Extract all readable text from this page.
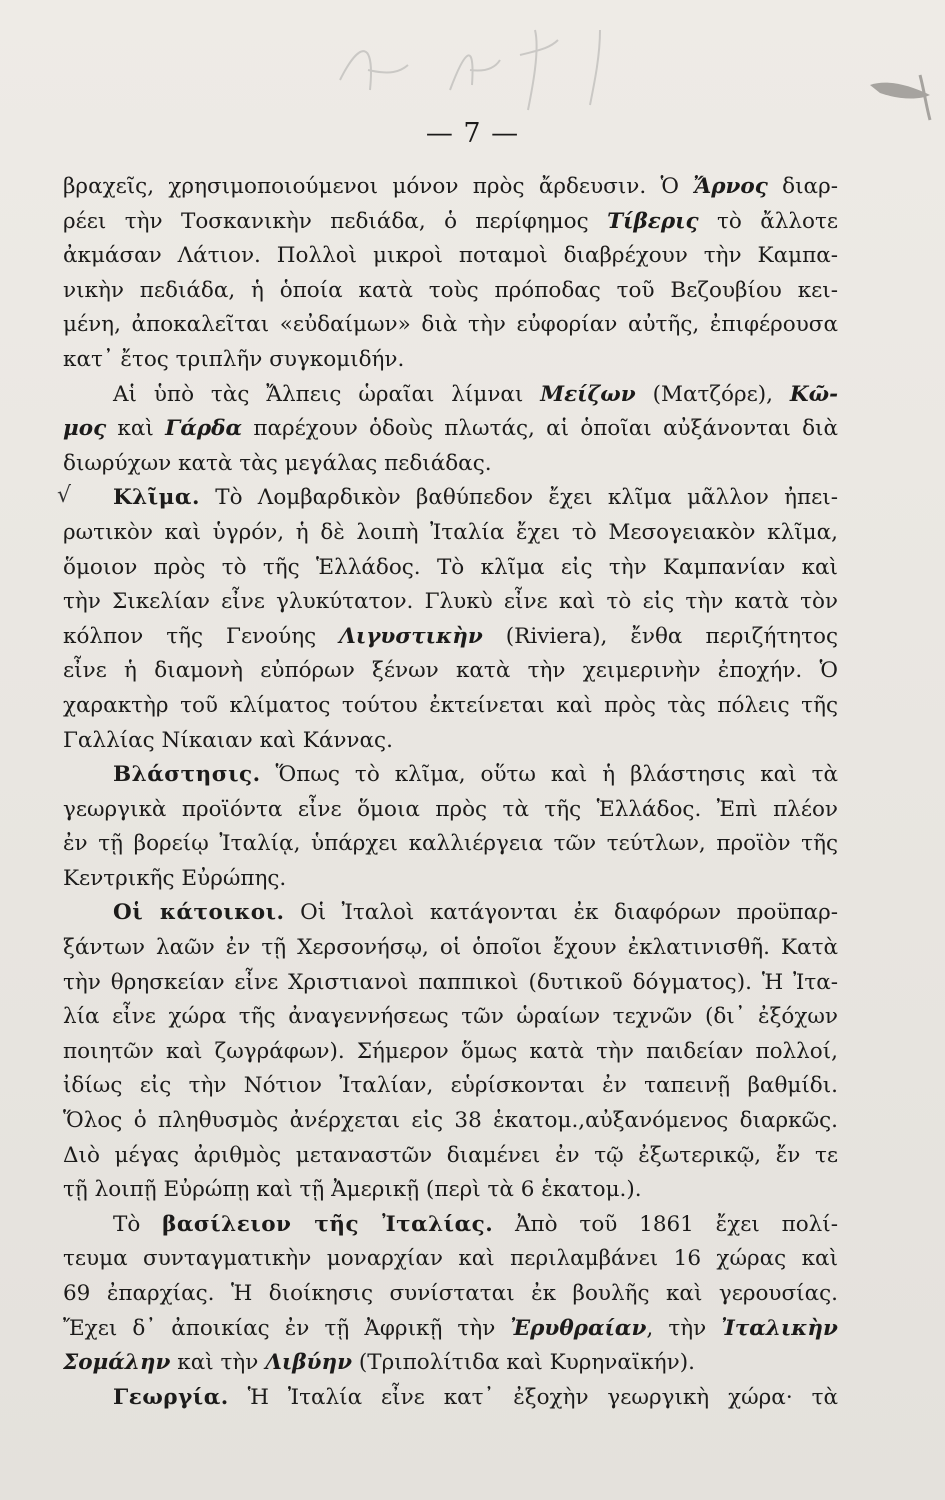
— 7 —
√
βραχεῖς, χρησιμοποιούμενοι μόνον πρὸς ἄρδευσιν. Ὁ Ἄρνος διαρ-
ρέει τὴν Τοσκανικὴν πεδιάδα, ὁ περίφημος Τίβερις τὸ ἄλλοτε
ἀκμάσαν Λάτιον. Πολλοὶ μικροὶ ποταμοὶ διαβρέχουν τὴν Καμπα-
νικὴν πεδιάδα, ἡ ὁποία κατὰ τοὺς πρόποδας τοῦ Βεζουβίου κει-
μένη, ἀποκαλεῖται «εὐδαίμων» διὰ τὴν εὐφορίαν αὐτῆς, ἐπιφέρουσα
κατ᾽ ἔτος τριπλῆν συγκομιδήν.
Αἱ ὑπὸ τὰς Ἄλπεις ὡραῖαι λίμναι Μείζων (Ματζόρε), Κῶ-
μος καὶ Γάρδα παρέχουν ὁδοὺς πλωτάς, αἱ ὁποῖαι αὐξάνονται διὰ
διωρύχων κατὰ τὰς μεγάλας πεδιάδας.
Κλῖμα. Τὸ Λομβαρδικὸν βαθύπεδον ἔχει κλῖμα μᾶλλον ἠπει-
ρωτικὸν καὶ ὑγρόν, ἡ δὲ λοιπὴ Ἰταλία ἔχει τὸ Μεσογειακὸν κλῖμα,
ὅμοιον πρὸς τὸ τῆς Ἑλλάδος. Τὸ κλῖμα εἰς τὴν Καμπανίαν καὶ
τὴν Σικελίαν εἶνε γλυκύτατον. Γλυκὺ εἶνε καὶ τὸ εἰς τὴν κατὰ τὸν
κόλπον τῆς Γενούης Λιγυστικὴν (Riviera), ἔνθα περιζήτητος
εἶνε ἡ διαμονὴ εὐπόρων ξένων κατὰ τὴν χειμερινὴν ἐποχήν. Ὁ
χαρακτὴρ τοῦ κλίματος τούτου ἐκτείνεται καὶ πρὸς τὰς πόλεις τῆς
Γαλλίας Νίκαιαν καὶ Κάννας.
Βλάστησις. Ὅπως τὸ κλῖμα, οὕτω καὶ ἡ βλάστησις καὶ τὰ
γεωργικὰ προϊόντα εἶνε ὅμοια πρὸς τὰ τῆς Ἑλλάδος. Ἐπὶ πλέον
ἐν τῇ βορείῳ Ἰταλίᾳ, ὑπάρχει καλλιέργεια τῶν τεύτλων, προϊὸν τῆς
Κεντρικῆς Εὐρώπης.
Οἱ κάτοικοι. Οἱ Ἰταλοὶ κατάγονται ἐκ διαφόρων προϋπαρ-
ξάντων λαῶν ἐν τῇ Χερσονήσῳ, οἱ ὁποῖοι ἔχουν ἐκλατινισθῆ. Κατὰ
τὴν θρησκείαν εἶνε Χριστιανοὶ παππικοὶ (δυτικοῦ δόγματος). Ἡ Ἰτα-
λία εἶνε χώρα τῆς ἀναγεννήσεως τῶν ὡραίων τεχνῶν (δι᾽ ἐξόχων
ποιητῶν καὶ ζωγράφων). Σήμερον ὅμως κατὰ τὴν παιδείαν πολλοί,
ἰδίως εἰς τὴν Νότιον Ἰταλίαν, εὑρίσκονται ἐν ταπεινῇ βαθμίδι.
Ὅλος ὁ πληθυσμὸς ἀνέρχεται εἰς 38 ἑκατομ.,αὐξανόμενος διαρκῶς.
Διὸ μέγας ἀριθμὸς μεταναστῶν διαμένει ἐν τῷ ἐξωτερικῷ, ἔν τε
τῇ λοιπῇ Εὐρώπῃ καὶ τῇ Ἀμερικῇ (περὶ τὰ 6 ἑκατομ.).
Τὸ βασίλειον τῆς Ἰταλίας. Ἀπὸ τοῦ 1861 ἔχει πολί-
τευμα συνταγματικὴν μοναρχίαν καὶ περιλαμβάνει 16 χώρας καὶ
69 ἐπαρχίας. Ἡ διοίκησις συνίσταται ἐκ βουλῆς καὶ γερουσίας.
Ἔχει δ᾽ ἀποικίας ἐν τῇ Ἀφρικῇ τὴν Ἐρυθραίαν, τὴν Ἰταλικὴν
Σομάλην καὶ τὴν Λιβύην (Τριπολίτιδα καὶ Κυρηναϊκήν).
Γεωργία. Ἡ Ἰταλία εἶνε κατ᾽ ἐξοχὴν γεωργικὴ χώρα· τὰ
